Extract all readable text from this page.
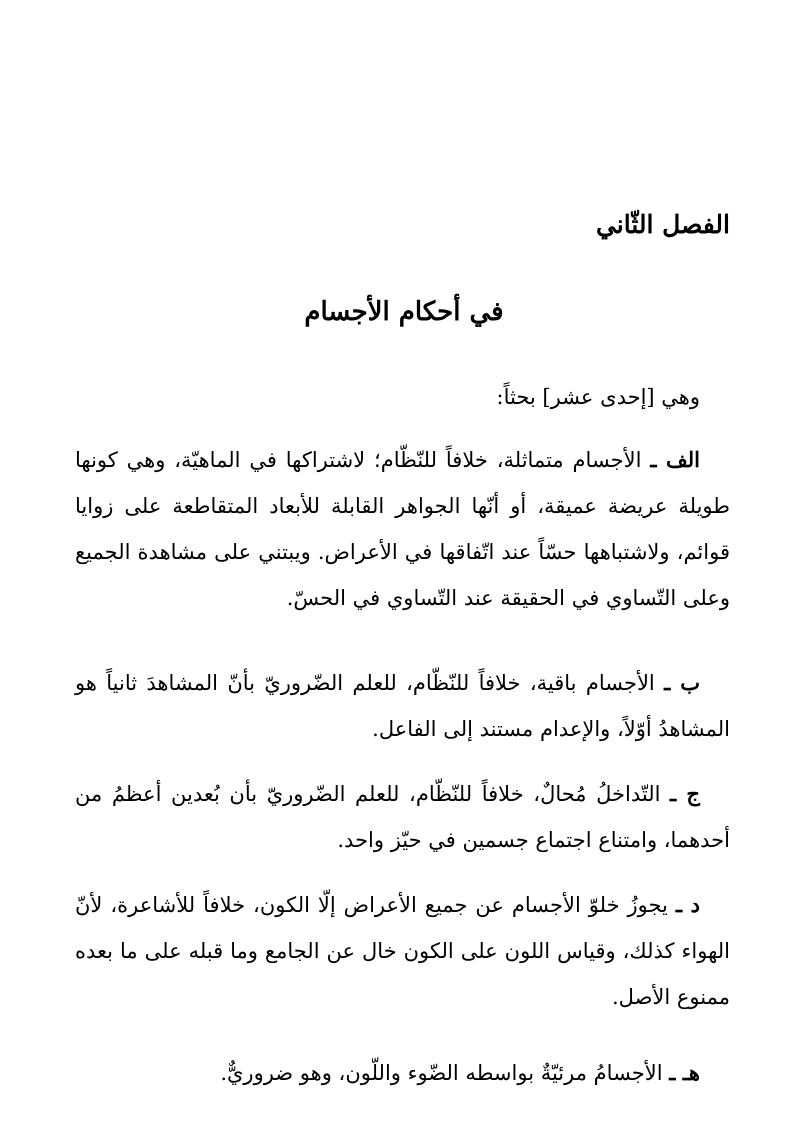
الفصل الثّاني
في أحكام الأجسام

وهي [إحدى عشر] بحثاً:

الف ـ الأجسام متماثلة، خلافاً للنّظّام؛ لاشتراكها في الماهيّة، وهي كونها طويلة عريضة عميقة، أو أنّها الجواهر القابلة للأبعاد المتقاطعة على زوايا قوائم، ولاشتباهها حسّاً عند اتّفاقها في الأعراض. ويبتني على مشاهدة الجميع وعلى التّساوي في الحقيقة عند التّساوي في الحسّ.

ب ـ الأجسام باقية، خلافاً للنّظّام، للعلم الضّروريّ بأنّ المشاهدَ ثانياً هو المشاهدُ أوّلاً، والإعدام مستند إلى الفاعل.

ج ـ التّداخلُ مُحالٌ، خلافاً للنّظّام، للعلم الضّروريّ بأن بُعدين أعظمُ من أحدهما، وامتناع اجتماع جسمين في حيّز واحد.

د ـ يجوزُ خلوّ الأجسام عن جميع الأعراض إلّا الكون، خلافاً للأشاعرة، لأنّ الهواء كذلك، وقياس اللون على الكون خال عن الجامع وما قبله على ما بعده ممنوع الأصل.

هـ ـ الأجسامُ مرئيّةٌ بواسطه الضّوء واللّون، وهو ضروريٌّ.
